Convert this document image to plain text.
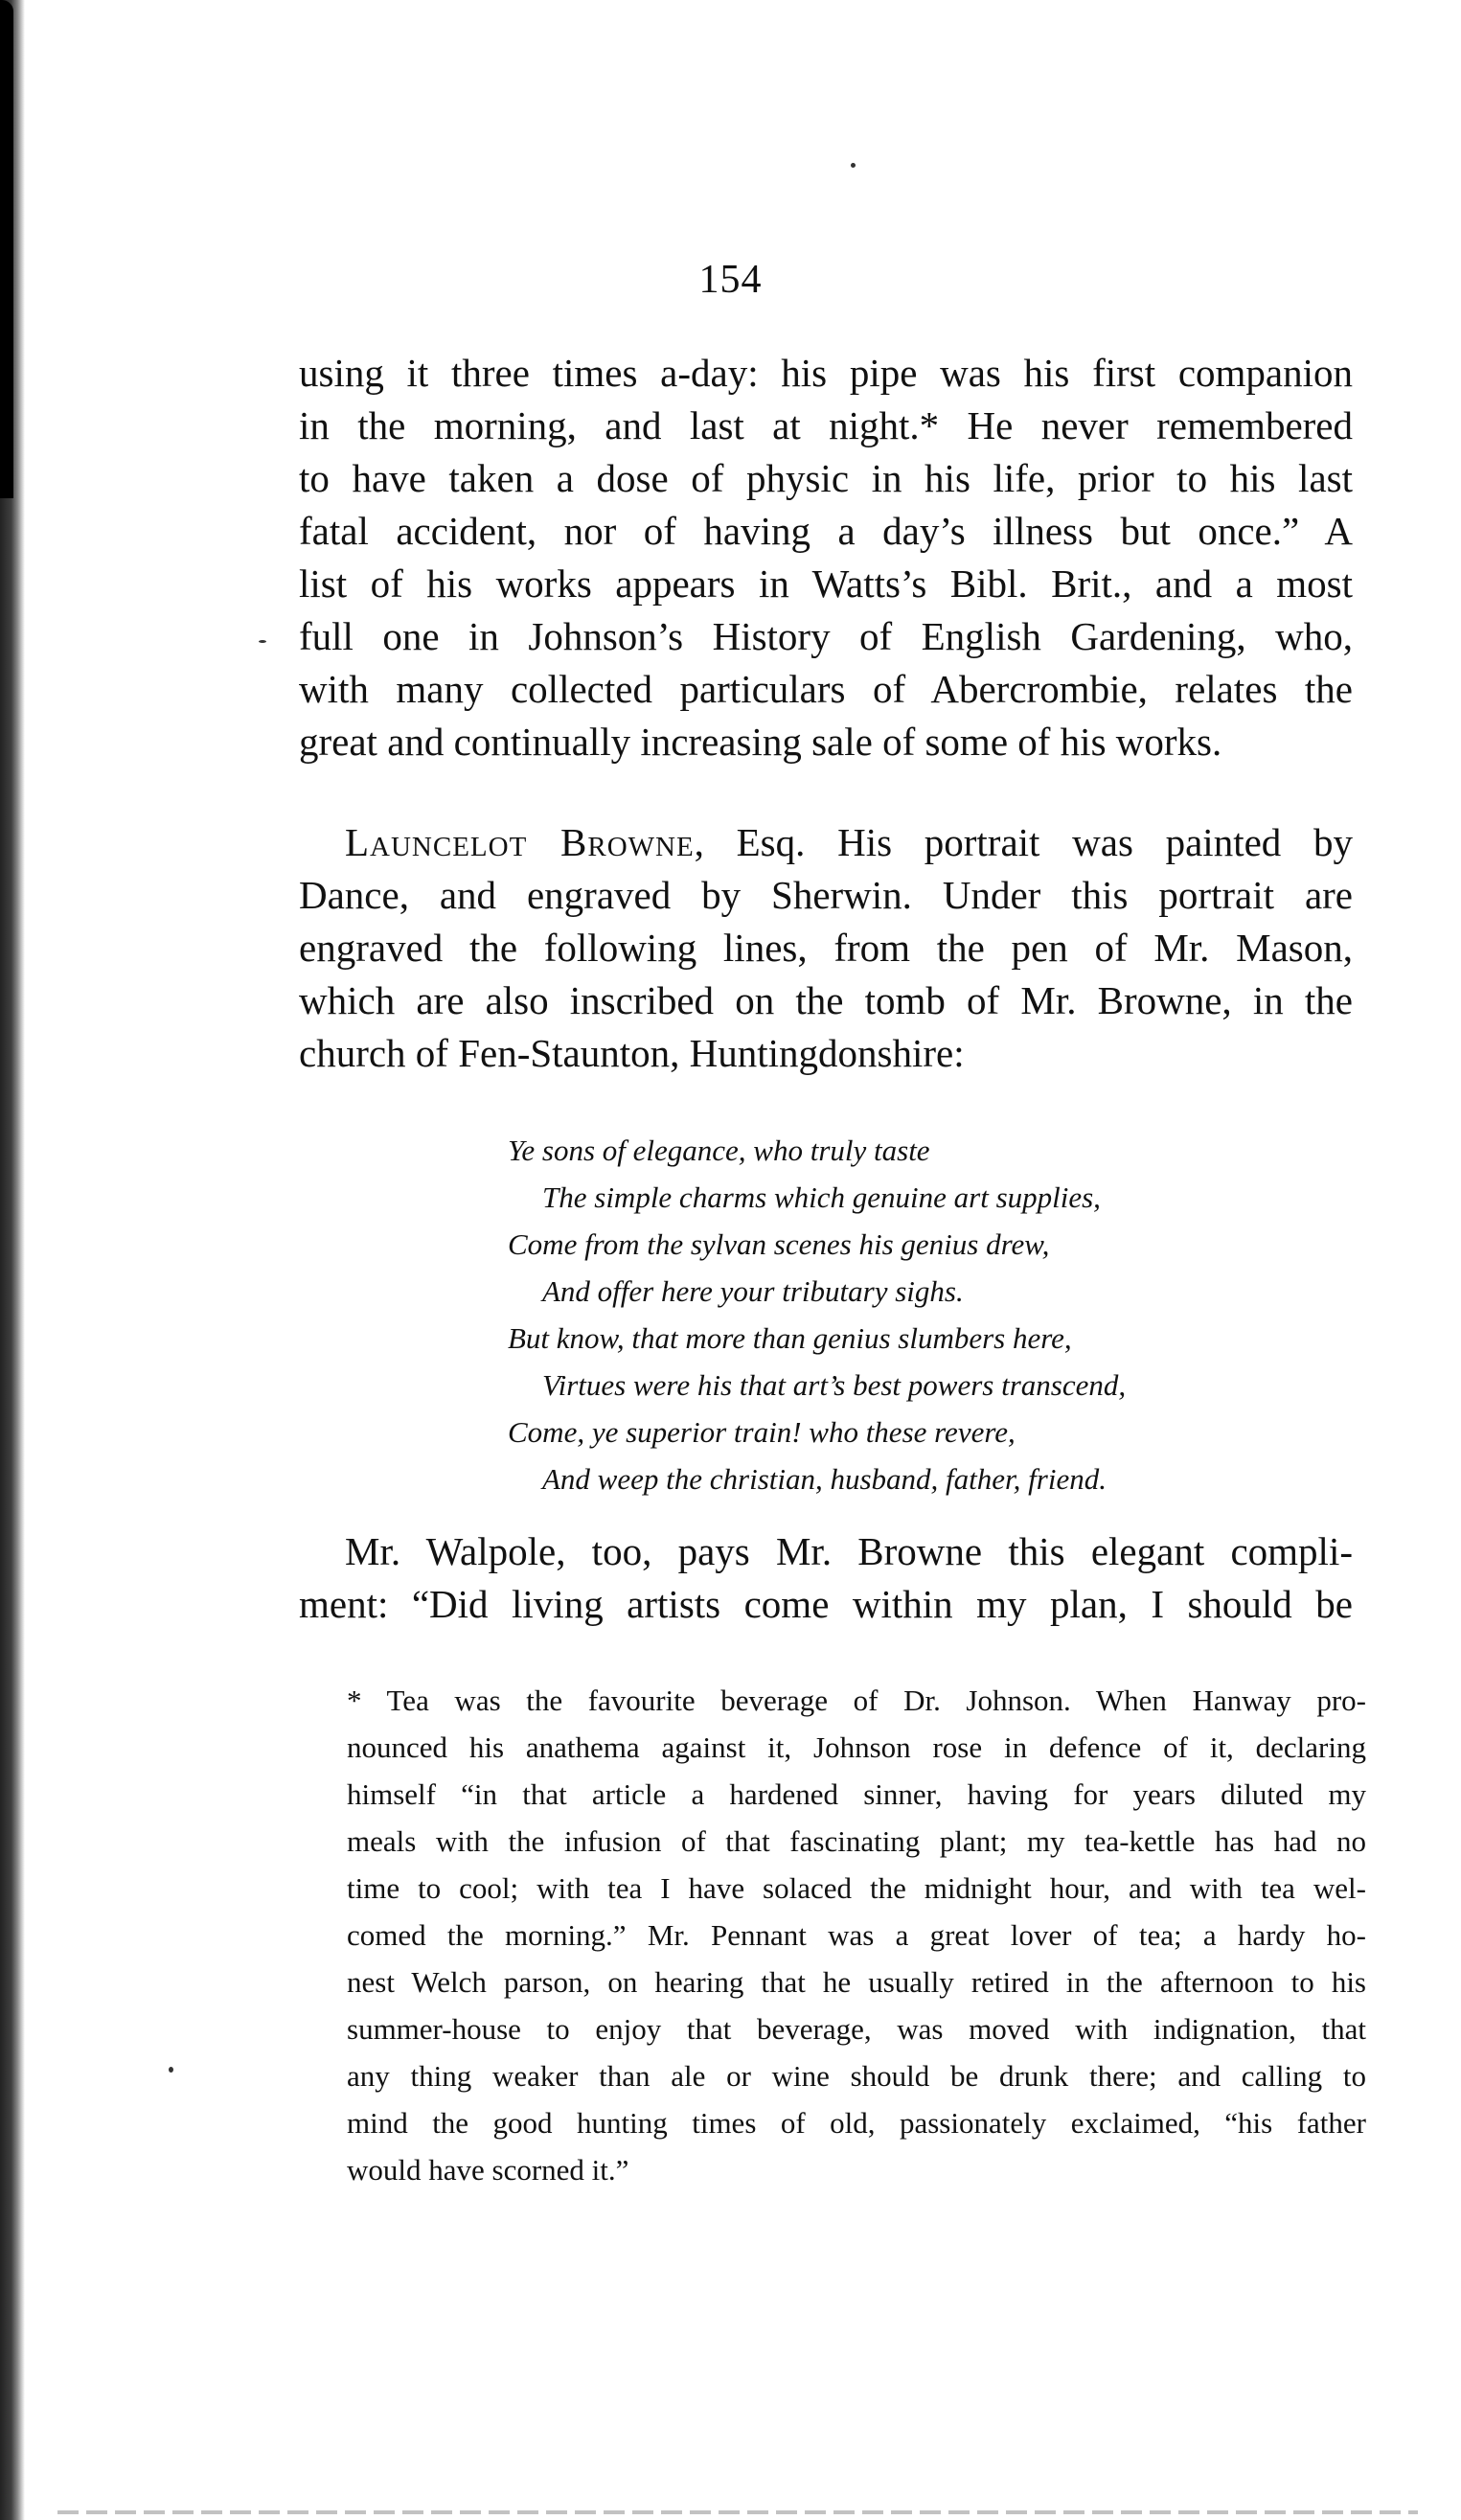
154
using it three times a-day: his pipe was his first companion
in the morning, and last at night.* He never remembered
to have taken a dose of physic in his life, prior to his last
fatal accident, nor of having a day’s illness but once.” A
list of his works appears in Watts’s Bibl. Brit., and a most
full one in Johnson’s History of English Gardening, who,
with many collected particulars of Abercrombie, relates the
great and continually increasing sale of some of his works.
Launcelot Browne, Esq. His portrait was painted by
Dance, and engraved by Sherwin. Under this portrait are
engraved the following lines, from the pen of Mr. Mason,
which are also inscribed on the tomb of Mr. Browne, in the
church of Fen-Staunton, Huntingdonshire:
Ye sons of elegance, who truly taste
The simple charms which genuine art supplies,
Come from the sylvan scenes his genius drew,
And offer here your tributary sighs.
But know, that more than genius slumbers here,
Virtues were his that art’s best powers transcend,
Come, ye superior train! who these revere,
And weep the christian, husband, father, friend.
Mr. Walpole, too, pays Mr. Browne this elegant compli-
ment: “Did living artists come within my plan, I should be
* Tea was the favourite beverage of Dr. Johnson. When Hanway pro-
nounced his anathema against it, Johnson rose in defence of it, declaring
himself “in that article a hardened sinner, having for years diluted my
meals with the infusion of that fascinating plant; my tea-kettle has had no
time to cool; with tea I have solaced the midnight hour, and with tea wel-
comed the morning.” Mr. Pennant was a great lover of tea; a hardy ho-
nest Welch parson, on hearing that he usually retired in the afternoon to his
summer-house to enjoy that beverage, was moved with indignation, that
any thing weaker than ale or wine should be drunk there; and calling to
mind the good hunting times of old, passionately exclaimed, “his father
would have scorned it.”
